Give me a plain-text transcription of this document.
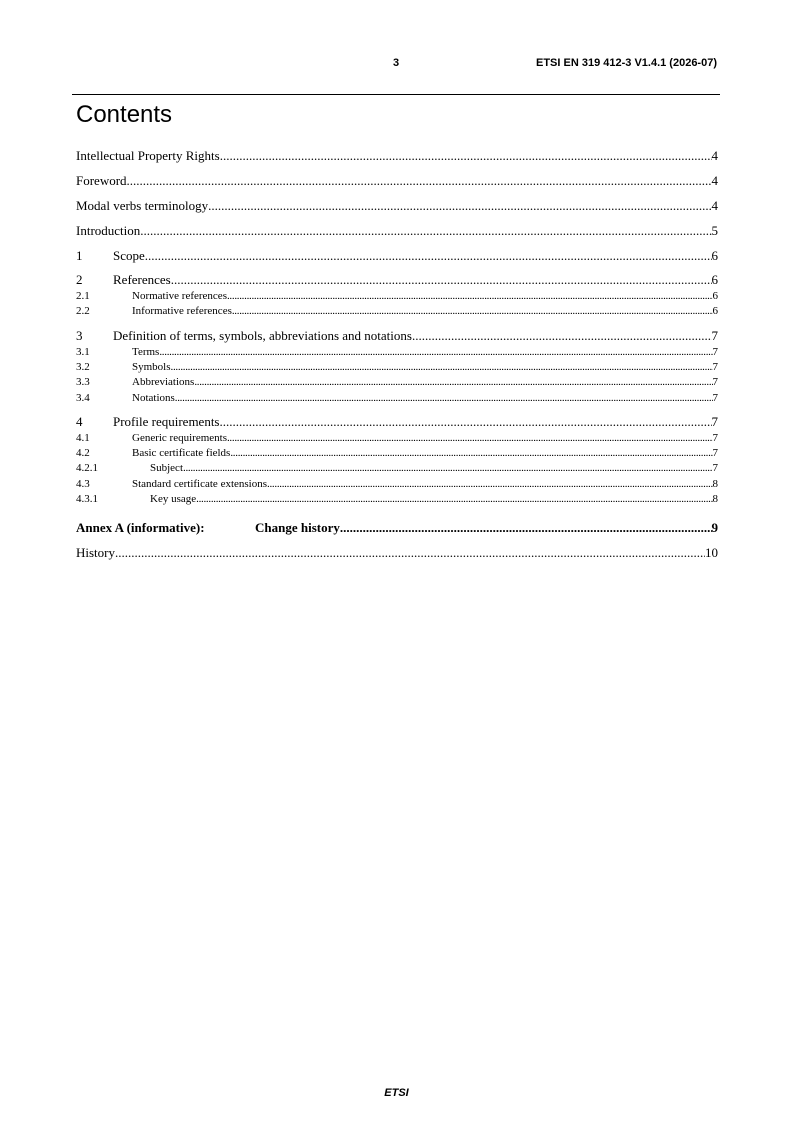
3	ETSI EN 319 412-3 V1.4.1 (2026-07)
Contents
Intellectual Property Rights .....	4
Foreword .....	4
Modal verbs terminology .....	4
Introduction .....	5
1	Scope .....	6
2	References .....	6
2.1	Normative references .....	6
2.2	Informative references .....	6
3	Definition of terms, symbols, abbreviations and notations .....	7
3.1	Terms .....	7
3.2	Symbols .....	7
3.3	Abbreviations .....	7
3.4	Notations .....	7
4	Profile requirements .....	7
4.1	Generic requirements .....	7
4.2	Basic certificate fields .....	7
4.2.1	Subject .....	7
4.3	Standard certificate extensions .....	8
4.3.1	Key usage .....	8
Annex A (informative):	Change history .....	9
History .....	10
ETSI
